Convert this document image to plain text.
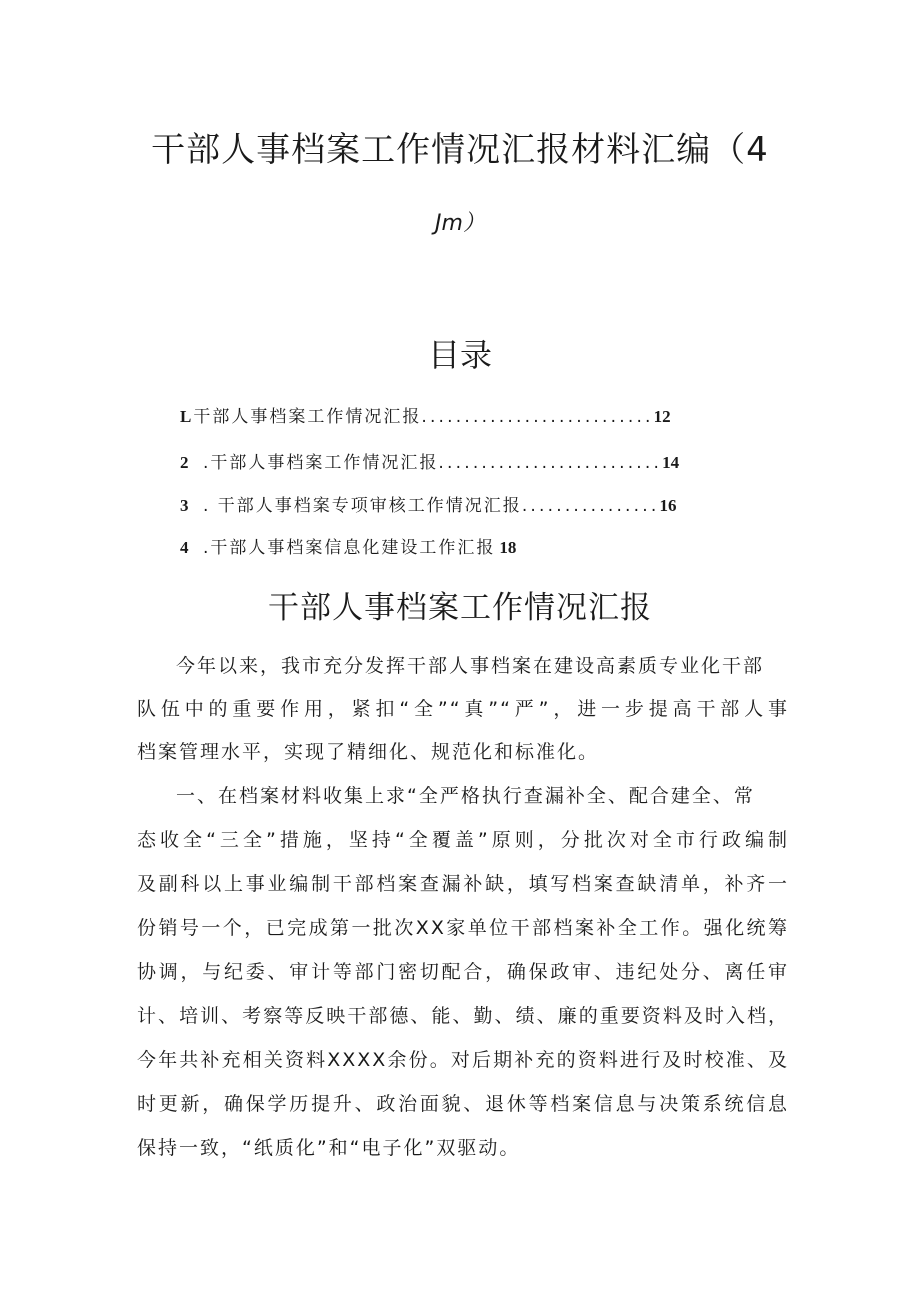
干部人事档案工作情况汇报材料汇编（4
Jm）
目录
L 干部人事档案工作情况汇报 ........................... 12
2 .干部人事档案工作情况汇报 .......................... 14
3 . 干部人事档案专项审核工作情况汇报 ................ 16
4 .干部人事档案信息化建设工作汇报 18
干部人事档案工作情况汇报
今年以来，我市充分发挥干部人事档案在建设高素质专业化干部
队伍中的重要作用，紧扣“全”“真”“严”，进一步提高干部人事
档案管理水平，实现了精细化、规范化和标准化。
一、在档案材料收集上求“全严格执行查漏补全、配合建全、常
态收全“三全”措施，坚持“全覆盖”原则，分批次对全市行政编制
及副科以上事业编制干部档案查漏补缺，填写档案查缺清单，补齐一
份销号一个，已完成第一批次XX家单位干部档案补全工作。强化统筹
协调，与纪委、审计等部门密切配合，确保政审、违纪处分、离任审
计、培训、考察等反映干部德、能、勤、绩、廉的重要资料及时入档，
今年共补充相关资料XXXX余份。对后期补充的资料进行及时校准、及
时更新，确保学历提升、政治面貌、退休等档案信息与决策系统信息
保持一致，“纸质化”和“电子化”双驱动。
